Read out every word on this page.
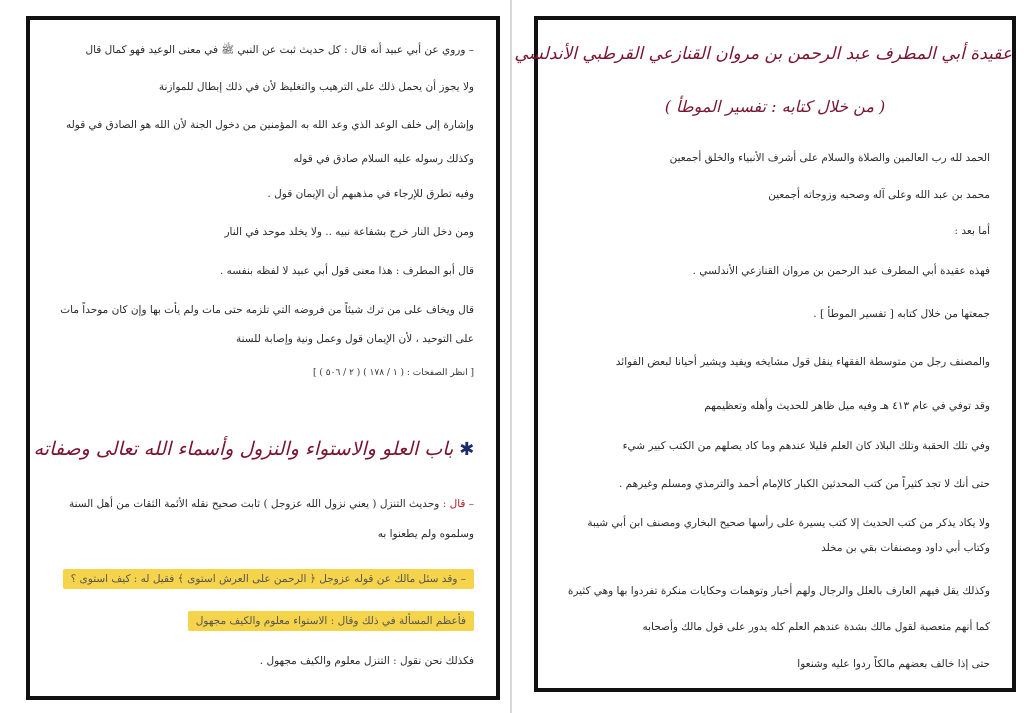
– وروي عن أبي عبيد أنه قال : كل حديث ثبت عن النبي ﷺ في معنى الوعيد فهو كمال قال
ولا يجوز أن يحمل ذلك على الترهيب والتغليظ لأن في ذلك إبطال للموازنة
وإشارة إلى خلف الوعد الذي وعد الله به المؤمنين من دخول الجنة لأن الله هو الصادق في قوله
وكذلك رسوله عليه السلام صادق في قوله
وفيه تطرق للإرجاء في مذهبهم أن الإيمان قول .
ومن دخل النار خرج بشفاعة نبيه .. ولا يخلد موحد في النار
قال أبو المطرف : هذا معنى قول أبي عبيد لا لفظه بنفسه .
قال ويخاف على من ترك شيئاً من فروضه التي تلزمه حتى مات ولم يأت بها وإن كان موحداً مات
على التوحيد ، لأن الإيمان قول وعمل ونية وإصابة للسنة
[ انظر الصفحات : ( ١ / ١٧٨ ) ( ٢ / ٥٠٦ ) ]
✱باب العلو والاستواء والنزول وأسماء الله تعالى وصفاته
– قال : وحديث التنزل ( يعني نزول الله عزوجل ) ثابت صحيح نقله الأئمة الثقات من أهل السنة
وسلموه ولم يطعنوا به
– وقد سئل مالك عن قوله عزوجل ﴿ الرحمن على العرش استوى ﴾ فقيل له : كيف استوى ؟
فأعظم المسألة في ذلك وقال : الاستواء معلوم والكيف مجهول
فكذلك نحن نقول : التنزل معلوم والكيف مجهول .
عقيدة أبي المطرف عبد الرحمن بن مروان القنازعي القرطبي الأندلسي
( من خلال كتابه : تفسير الموطأ )
الحمد لله رب العالمين والصلاة والسلام على أشرف الأنبياء والخلق أجمعين
محمد بن عبد الله وعلى آله وصحبه وزوجاته أجمعين
أما بعد :
فهذه عقيدة أبي المطرف عبد الرحمن بن مروان القنازعي الأندلسي .
جمعتها من خلال كتابه [ تفسير الموطأ ] .
والمصنف رجل من متوسطة الفقهاء ينقل قول مشايخه ويفيد ويشير أحيانا لبعض الفوائد
وقد توفي في عام ٤١٣ هـ وفيه ميل ظاهر للحديث وأهله وتعظيمهم
وفي تلك الحقبة وتلك البلاد كان العلم قليلا عندهم وما كاد يصلهم من الكتب كبير شيء
حتى أنك لا تجد كثيراً من كتب المحدثين الكبار كالإمام أحمد والترمذي ومسلم وغيرهم .
ولا يكاد يذكر من كتب الحديث إلا كتب يسيرة على رأسها صحيح البخاري ومصنف ابن أبي شيبة
وكتاب أبي داود ومصنفات بقي بن مخلد
وكذلك يقل فيهم العارف بالعلل والرجال ولهم أخبار وتوهمات وحكايات منكرة تفردوا بها وهي كثيرة
كما أنهم متعصبة لقول مالك بشدة عندهم العلم كله يدور على قول مالك وأصحابه
حتى إذا خالف بعضهم مالكاً ردوا عليه وشنعوا
